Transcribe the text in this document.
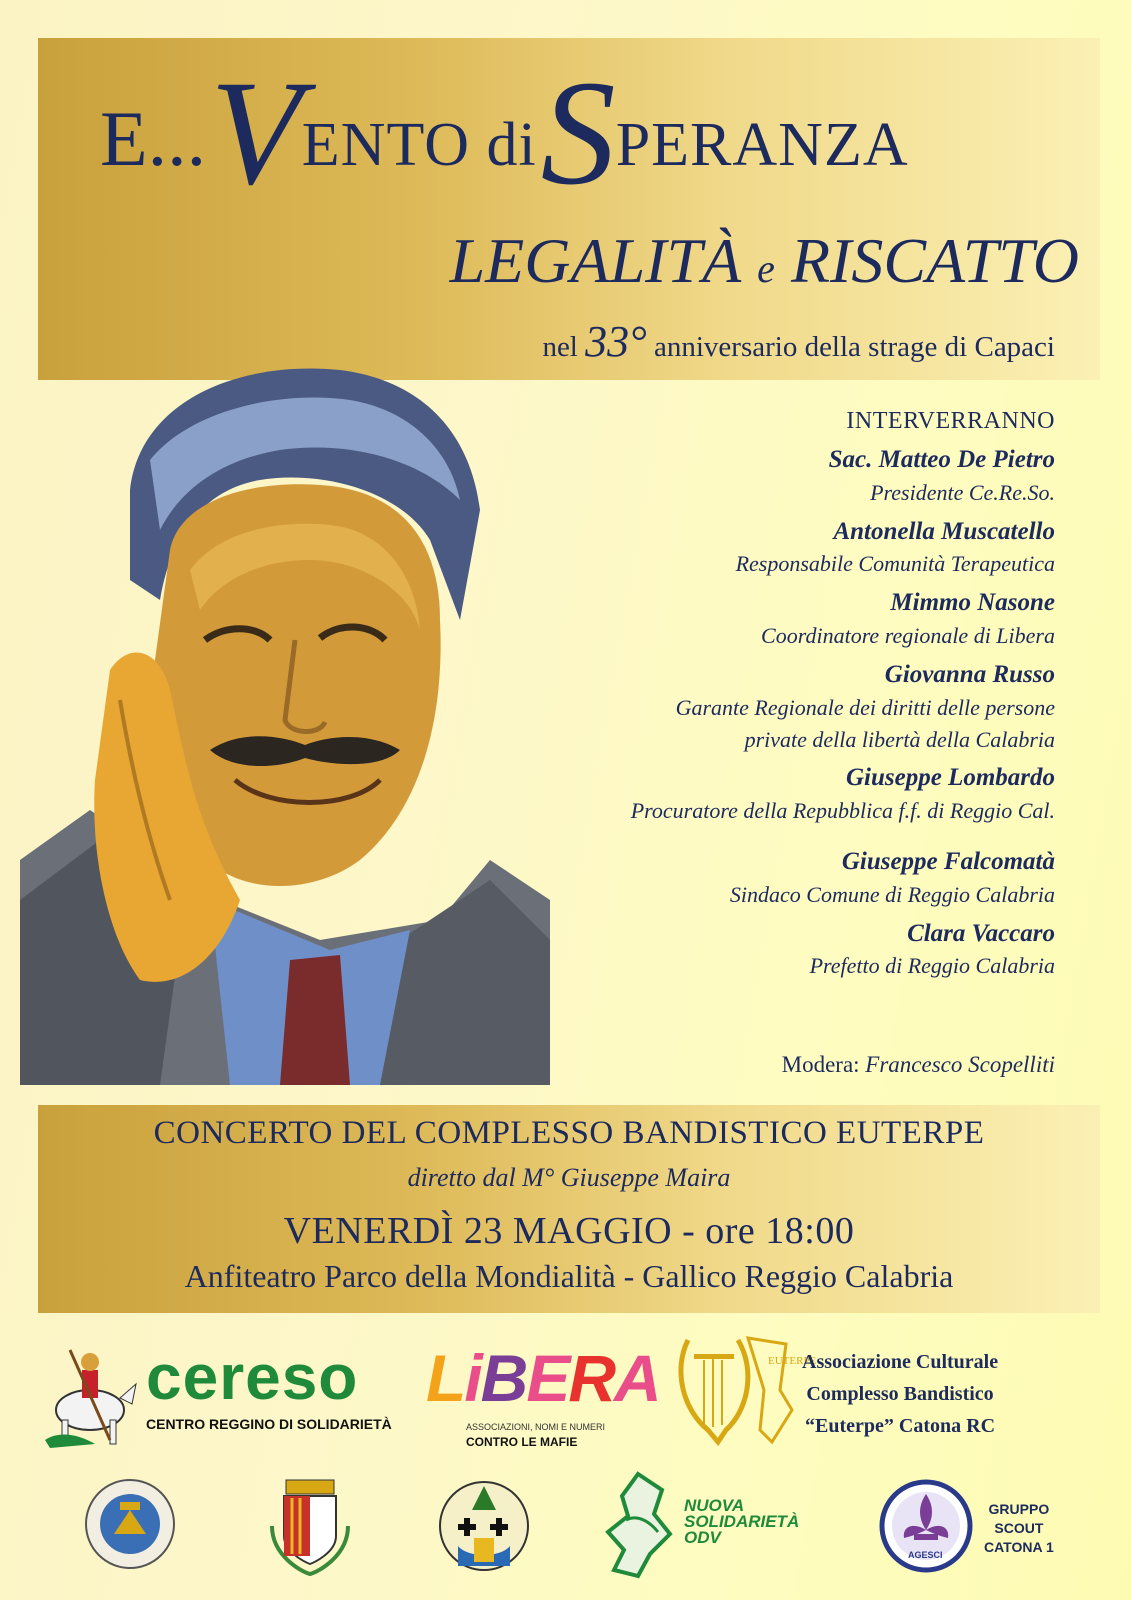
E... VENTO di SPERANZA
LEGALITÀ e RISCATTO
nel 33° anniversario della strage di Capaci
INTERVERRANNO
Sac. Matteo De Pietro
Presidente Ce.Re.So.
Antonella Muscatello
Responsabile Comunità Terapeutica
Mimmo Nasone
Coordinatore regionale di Libera
Giovanna Russo
Garante Regionale dei diritti delle persone
private della libertà della Calabria
Giuseppe Lombardo
Procuratore della Repubblica f.f. di Reggio Cal.
Giuseppe Falcomatà
Sindaco Comune di Reggio Calabria
Clara Vaccaro
Prefetto di Reggio Calabria
Modera: Francesco Scopelliti
CONCERTO DEL COMPLESSO BANDISTICO EUTERPE
diretto dal M° Giuseppe Maira
VENERDÌ 23 MAGGIO - ore 18:00
Anfiteatro Parco della Mondialità - Gallico Reggio Calabria
cereso
CENTRO REGGINO DI SOLIDARIETÀ
LiBERA
ASSOCIAZIONI, NOMI E NUMERI
CONTRO LE MAFIE
EUTERPE
Associazione Culturale
Complesso Bandistico
“Euterpe” Catona RC
NUOVA
SOLIDARIETÀ
ODV
AGESCI
GRUPPO
SCOUT
CATONA 1
